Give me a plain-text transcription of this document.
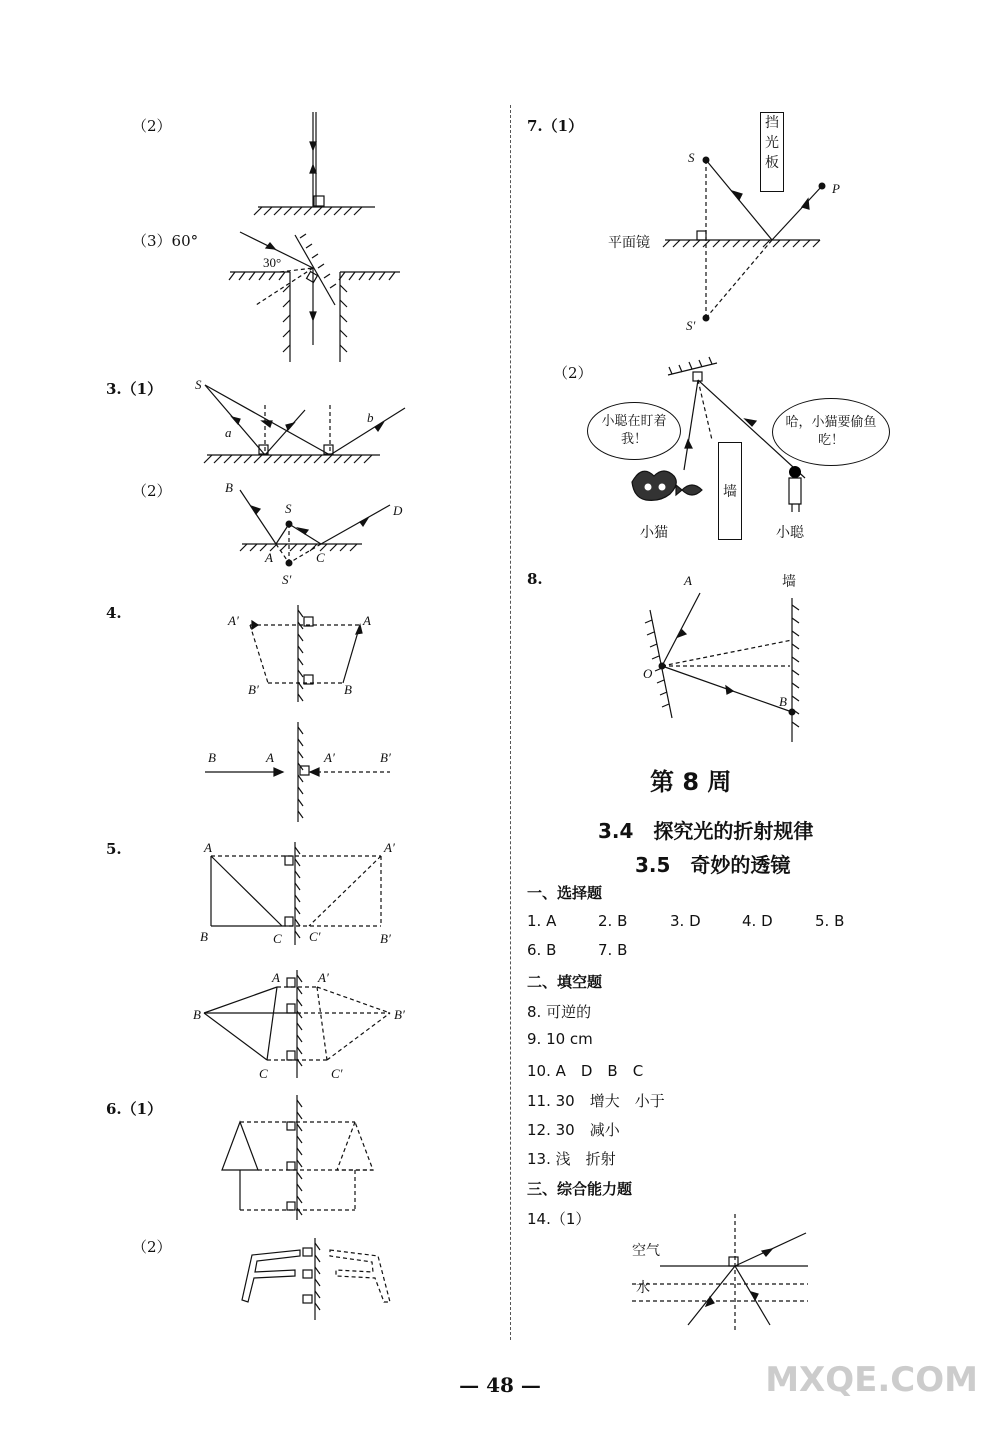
（2）
（3）60°
30°
3.（1）	S
a
b
（2）	B
S	D
A	C
S′
4.	A′	A
B′	B
B	A	A′	B′
5.	A	A′
B	C C′	B′
A	A′
B	B′
C	C′
6.（1）
（2）
7.（1）	挡光板
S
P
平面镜
S′
（2）
小聪在盯着我！
哈，小猫要偷鱼吃！
墙
小猫	小聪
8.	A	墙
O
B
第 8 周
3.4　探究光的折射规律
3.5　奇妙的透镜
一、选择题
1. A	2. B	3. D	4. D	5. B
6. B	7. B
二、填空题
8. 可逆的
9. 10 cm
10. A　D　B　C
11. 30　增大　小于
12. 30　减小
13. 浅　折射
三、综合能力题
14.（1）
空气
水
— 48 —	MXQE.COM
